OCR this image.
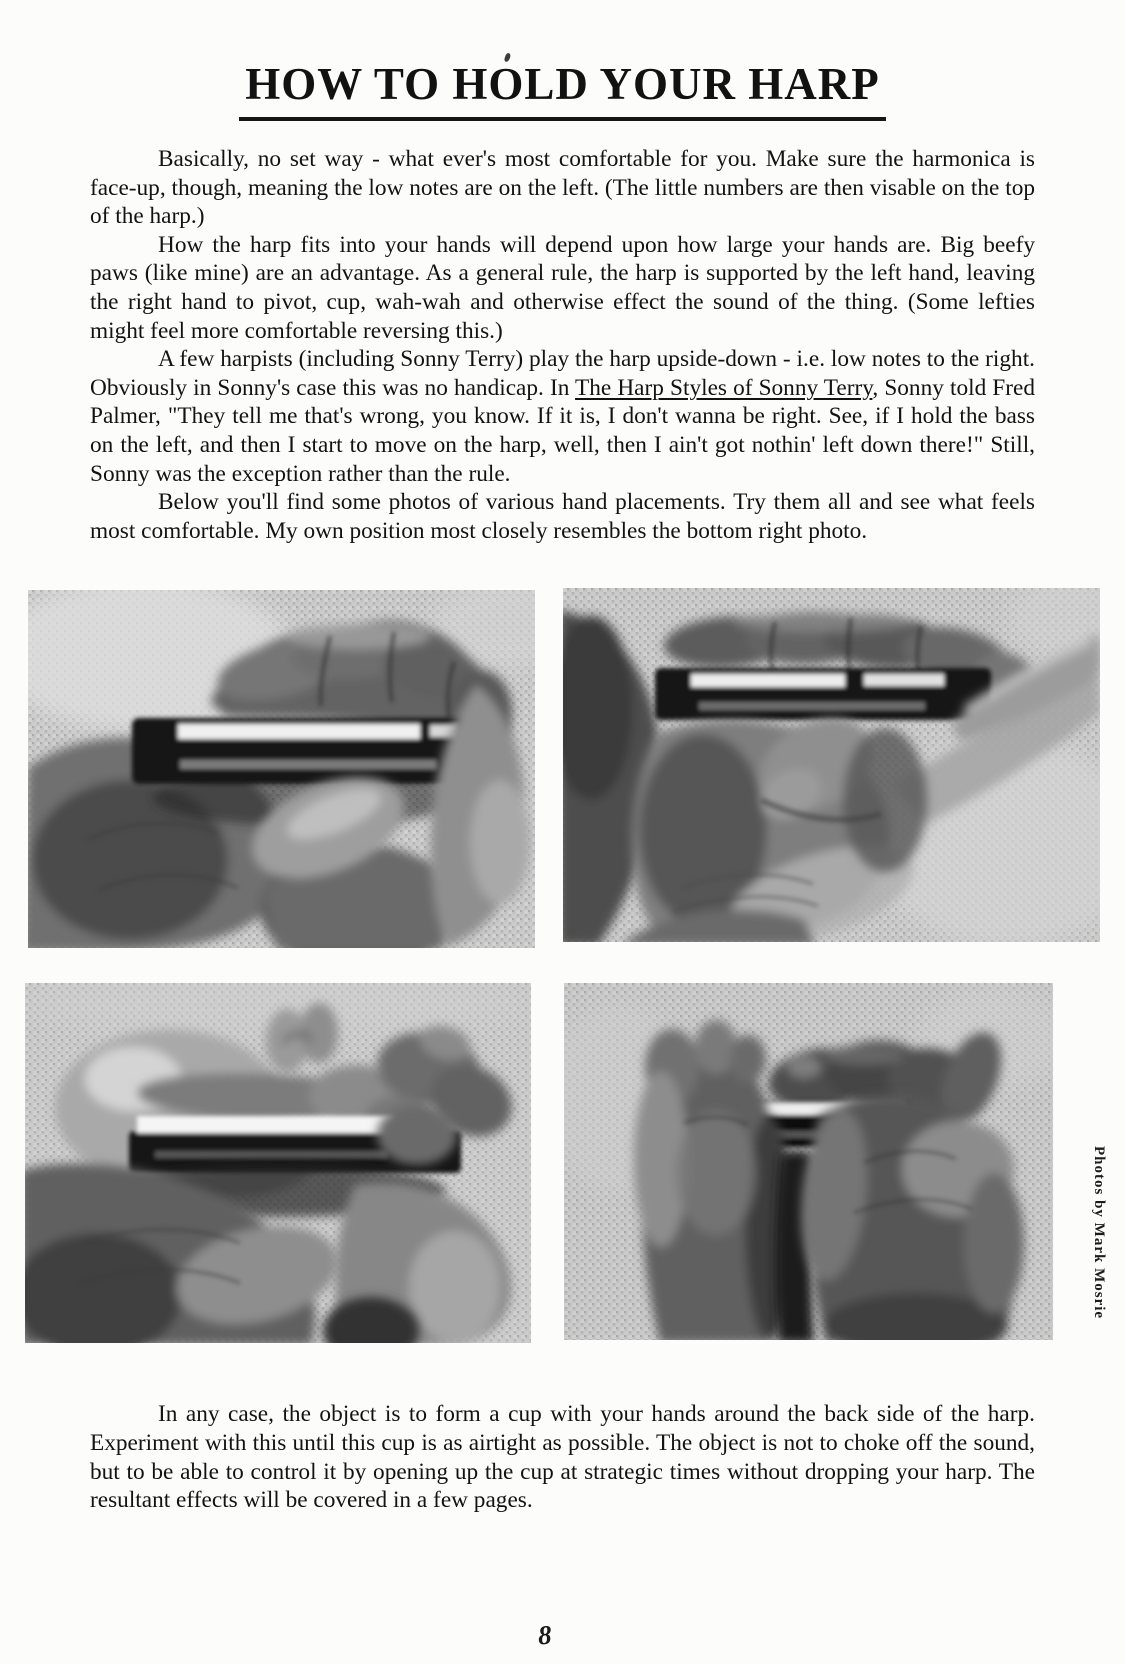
HOW TO HOLD YOUR HARP

Basically, no set way - what ever's most comfortable for you. Make sure the harmonica is face-up, though, meaning the low notes are on the left. (The little numbers are then visable on the top of the harp.)

How the harp fits into your hands will depend upon how large your hands are. Big beefy paws (like mine) are an advantage. As a general rule, the harp is supported by the left hand, leaving the right hand to pivot, cup, wah-wah and otherwise effect the sound of the thing. (Some lefties might feel more comfortable reversing this.)

A few harpists (including Sonny Terry) play the harp upside-down - i.e. low notes to the right. Obviously in Sonny's case this was no handicap. In The Harp Styles of Sonny Terry, Sonny told Fred Palmer, "They tell me that's wrong, you know. If it is, I don't wanna be right. See, if I hold the bass on the left, and then I start to move on the harp, well, then I ain't got nothin' left down there!" Still, Sonny was the exception rather than the rule.

Below you'll find some photos of various hand placements. Try them all and see what feels most comfortable. My own position most closely resembles the bottom right photo.

Photos by Mark Mosrie

In any case, the object is to form a cup with your hands around the back side of the harp. Experiment with this until this cup is as airtight as possible. The object is not to choke off the sound, but to be able to control it by opening up the cup at strategic times without dropping your harp. The resultant effects will be covered in a few pages.

8
